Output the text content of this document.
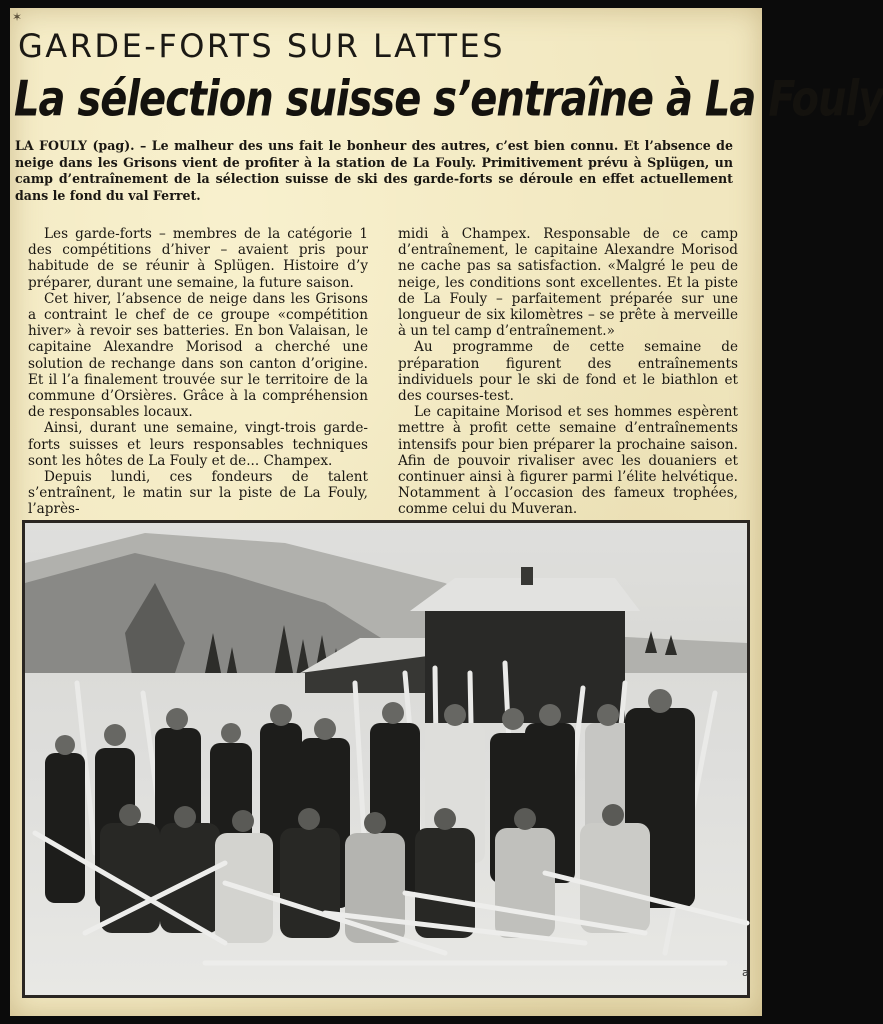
✶
GARDE-FORTS SUR LATTES
La sélection suisse s’entraîne à La Fouly
LA FOULY (pag). – Le malheur des uns fait le bonheur des autres, c’est bien connu. Et l’absence de neige dans les Grisons vient de profiter à la station de La Fouly. Primitivement prévu à Splügen, un camp d’entraînement de la sélection suisse de ski des garde-forts se déroule en effet actuellement dans le fond du val Ferret.

Les garde-forts – membres de la catégorie 1 des compétitions d’hiver – avaient pris pour habitude de se réunir à Splügen. Histoire d’y préparer, durant une semaine, la future saison.

Cet hiver, l’absence de neige dans les Grisons a contraint le chef de ce groupe «compétition hiver» à revoir ses batteries. En bon Valaisan, le capitaine Alexandre Morisod a cherché une solution de rechange dans son canton d’origine. Et il l’a finalement trouvée sur le territoire de la commune d’Orsières. Grâce à la compréhension de responsables locaux.

Ainsi, durant une semaine, vingt-trois garde-forts suisses et leurs responsables techniques sont les hôtes de La Fouly et de... Champex.

Depuis lundi, ces fondeurs de talent s’entraînent, le matin sur la piste de La Fouly, l’après-

midi à Champex. Responsable de ce camp d’entraînement, le capitaine Alexandre Morisod ne cache pas sa satisfaction. «Malgré le peu de neige, les conditions sont excellentes. Et la piste de La Fouly – parfaitement préparée sur une longueur de six kilomètres – se prête à merveille à un tel camp d’entraînement.»

Au programme de cette semaine de préparation figurent des entraînements individuels pour le ski de fond et le biathlon et des courses-test.

Le capitaine Morisod et ses hommes espèrent mettre à profit cette semaine d’entraînements intensifs pour bien préparer la prochaine saison. Afin de pouvoir rivaliser avec les douaniers et continuer ainsi à figurer parmi l’élite helvétique. Notamment à l’occasion des fameux trophées, comme celui du Muveran.

a
